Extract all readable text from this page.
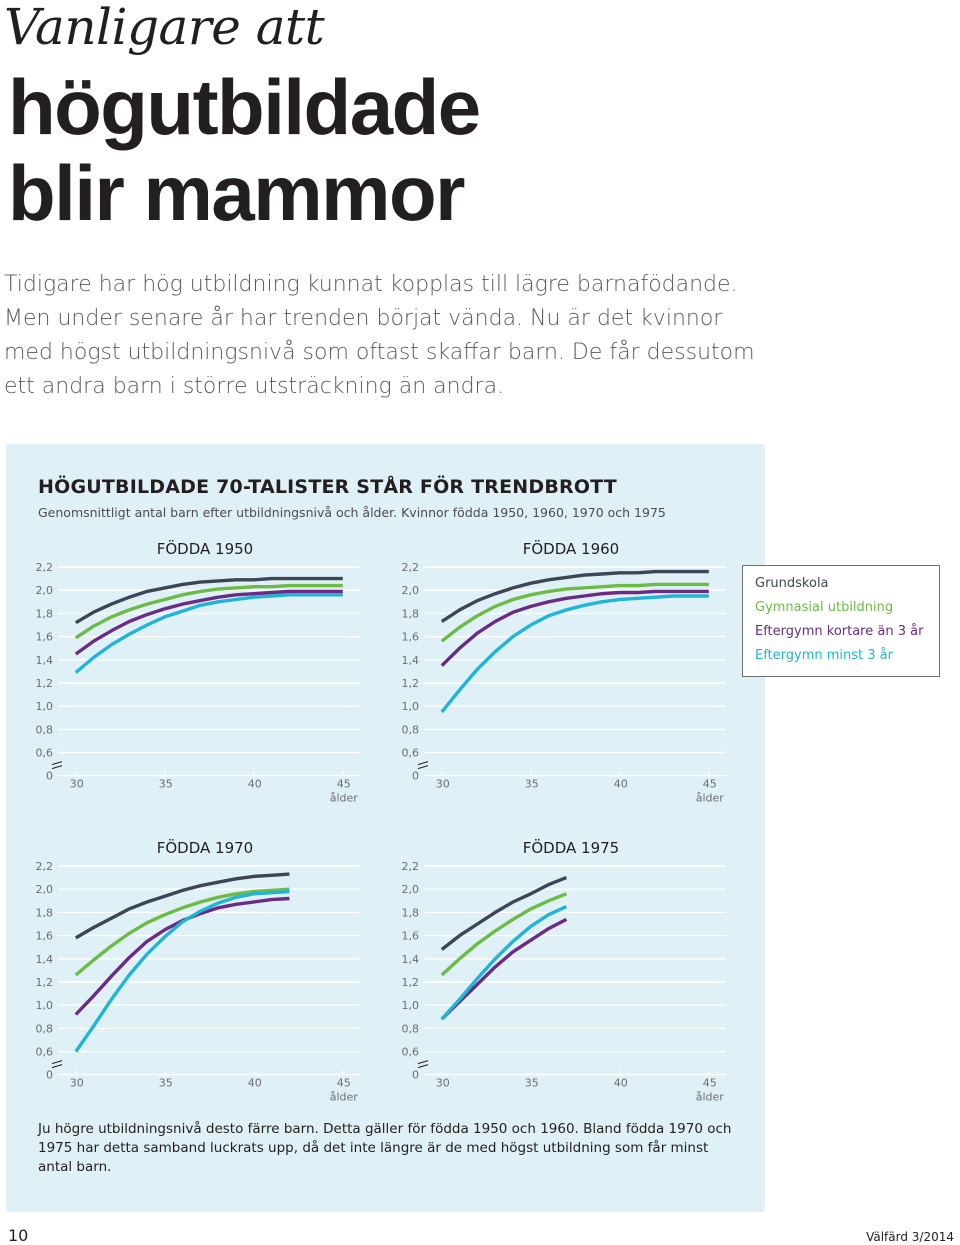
Vanligare att
högutbildade
blir mammor
Tidigare har hög utbildning kunnat kopplas till lägre barnafödande.
Men under senare år har trenden börjat vända. Nu är det kvinnor
med högst utbildningsnivå som oftast skaffar barn. De får dessutom
ett andra barn i större utsträckning än andra.
HÖGUTBILDADE 70-TALISTER STÅR FÖR TRENDBROTT
Genomsnittligt antal barn efter utbildningsnivå och ålder. Kvinnor födda 1950, 1960, 1970 och 1975
FÖDDA 1950
2,2
2,0
1,8
1,6
1,4
1,2
1,0
0,8
0,6
0
30	35	40	45
ålder
FÖDDA 1960
2,2
2,0
1,8
1,6
1,4
1,2
1,0
0,8
0,6
0
30	35	40	45
ålder
FÖDDA 1970
2,2
2,0
1,8
1,6
1,4
1,2
1,0
0,8
0,6
0
30	35	40	45
ålder
FÖDDA 1975
2,2
2,0
1,8
1,6
1,4
1,2
1,0
0,8
0,6
0
30	35	40	45
ålder
Grundskola
Gymnasial utbildning
Eftergymn kortare än 3 år
Eftergymn minst 3 år
Ju högre utbildningsnivå desto färre barn. Detta gäller för födda 1950 och 1960. Bland födda 1970 och
1975 har detta samband luckrats upp, då det inte längre är de med högst utbildning som får minst
antal barn.
10	Välfärd 3/2014
